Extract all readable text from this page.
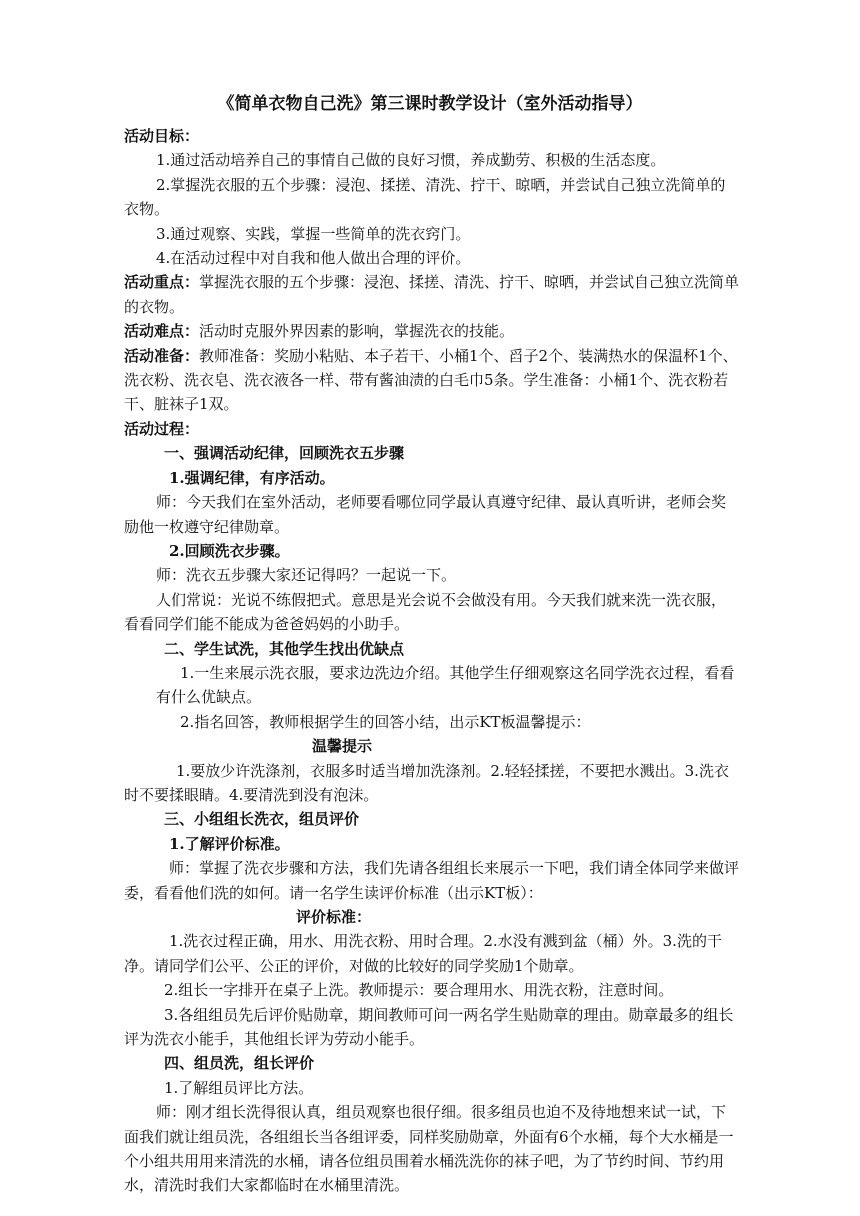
《简单衣物自己洗》第三课时教学设计（室外活动指导）

活动目标：

1.通过活动培养自己的事情自己做的良好习惯，养成勤劳、积极的生活态度。

2.掌握洗衣服的五个步骤：浸泡、揉搓、清洗、拧干、晾晒，并尝试自己独立洗简单的衣物。

3.通过观察、实践，掌握一些简单的洗衣窍门。

4.在活动过程中对自我和他人做出合理的评价。

活动重点：掌握洗衣服的五个步骤：浸泡、揉搓、清洗、拧干、晾晒，并尝试自己独立洗简单的衣物。

活动难点：活动时克服外界因素的影响，掌握洗衣的技能。

活动准备：教师准备：奖励小粘贴、本子若干、小桶1个、舀子2个、装满热水的保温杯1个、洗衣粉、洗衣皂、洗衣液各一样、带有酱油渍的白毛巾5条。学生准备：小桶1个、洗衣粉若干、脏袜子1双。

活动过程：

一、强调活动纪律，回顾洗衣五步骤

1.强调纪律，有序活动。

师：今天我们在室外活动，老师要看哪位同学最认真遵守纪律、最认真听讲，老师会奖励他一枚遵守纪律勋章。

2.回顾洗衣步骤。

师：洗衣五步骤大家还记得吗？一起说一下。

人们常说：光说不练假把式。意思是光会说不会做没有用。今天我们就来洗一洗衣服，看看同学们能不能成为爸爸妈妈的小助手。

二、学生试洗，其他学生找出优缺点

1.一生来展示洗衣服，要求边洗边介绍。其他学生仔细观察这名同学洗衣过程，看看有什么优缺点。

2.指名回答，教师根据学生的回答小结，出示KT板温馨提示：

温馨提示

1.要放少许洗涤剂，衣服多时适当增加洗涤剂。2.轻轻揉搓，不要把水溅出。3.洗衣时不要揉眼睛。4.要清洗到没有泡沫。

三、小组组长洗衣，组员评价

1.了解评价标准。

师：掌握了洗衣步骤和方法，我们先请各组组长来展示一下吧，我们请全体同学来做评委，看看他们洗的如何。请一名学生读评价标准（出示KT板）：

评价标准：

1.洗衣过程正确，用水、用洗衣粉、用时合理。2.水没有溅到盆（桶）外。3.洗的干净。请同学们公平、公正的评价，对做的比较好的同学奖励1个勋章。

2.组长一字排开在桌子上洗。教师提示：要合理用水、用洗衣粉，注意时间。

3.各组组员先后评价贴勋章，期间教师可问一两名学生贴勋章的理由。勋章最多的组长评为洗衣小能手，其他组长评为劳动小能手。

四、组员洗，组长评价

1.了解组员评比方法。

师：刚才组长洗得很认真，组员观察也很仔细。很多组员也迫不及待地想来试一试，下面我们就让组员洗，各组组长当各组评委，同样奖励勋章，外面有6个水桶，每个大水桶是一个小组共用用来清洗的水桶，请各位组员围着水桶洗洗你的袜子吧，为了节约时间、节约用水，清洗时我们大家都临时在水桶里清洗。
